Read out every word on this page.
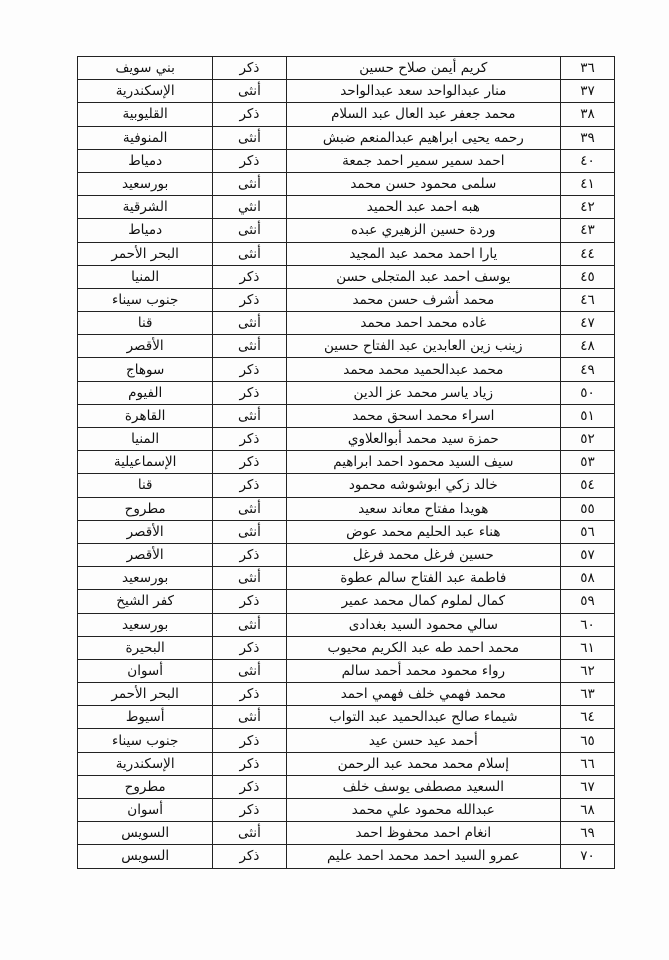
٣٦	كريم أيمن صلاح حسين	ذكر	بني سويف
٣٧	منار عبدالواحد سعد عبدالواحد	أنثى	الإسكندرية
٣٨	محمد جعفر عبد العال عبد السلام	ذكر	القليوبية
٣٩	رحمه يحيى ابراهيم عبدالمنعم ضبش	أنثى	المنوفية
٤٠	احمد سمير سمير احمد جمعة	ذكر	دمياط
٤١	سلمى محمود حسن محمد	أنثى	بورسعيد
٤٢	هبه احمد عبد الحميد	انثي	الشرقية
٤٣	وردة حسين الزهيري عبده	أنثى	دمياط
٤٤	يارا احمد محمد عبد المجيد	أنثى	البحر الأحمر
٤٥	يوسف احمد عبد المتجلى حسن	ذكر	المنيا
٤٦	محمد أشرف حسن محمد	ذكر	جنوب سيناء
٤٧	غاده محمد احمد محمد	أنثى	قنا
٤٨	زينب زين العابدين عبد الفتاح حسين	أنثى	الأقصر
٤٩	محمد عبدالحميد محمد محمد	ذكر	سوهاج
٥٠	زياد ياسر محمد عز الدين	ذكر	الفيوم
٥١	اسراء محمد اسحق محمد	أنثى	القاهرة
٥٢	حمزة سيد محمد أبوالعلاوي	ذكر	المنيا
٥٣	سيف السيد محمود احمد ابراهيم	ذكر	الإسماعيلية
٥٤	خالد زكي ابوشوشه محمود	ذكر	قنا
٥٥	هويدا مفتاح معاند سعيد	أنثى	مطروح
٥٦	هناء عبد الحليم محمد عوض	أنثى	الأقصر
٥٧	حسين فرغل محمد فرغل	ذكر	الأقصر
٥٨	فاطمة عبد الفتاح سالم عطوة	أنثى	بورسعيد
٥٩	كمال لملوم كمال محمد عمير	ذكر	كفر الشيخ
٦٠	سالي محمود السيد بغدادى	أنثى	بورسعيد
٦١	محمد احمد طه عبد الكريم محيوب	ذكر	البحيرة
٦٢	رواء محمود محمد أحمد سالم	أنثى	أسوان
٦٣	محمد فهمي خلف فهمي احمد	ذكر	البحر الأحمر
٦٤	شيماء صالح عبدالحميد عبد التواب	أنثى	أسيوط
٦٥	أحمد عيد حسن عيد	ذكر	جنوب سيناء
٦٦	إسلام محمد محمد عبد الرحمن	ذكر	الإسكندرية
٦٧	السعيد مصطفى يوسف خلف	ذكر	مطروح
٦٨	عبدالله محمود علي محمد	ذكر	أسوان
٦٩	انغام احمد محفوظ احمد	أنثى	السويس
٧٠	عمرو السيد احمد محمد احمد عليم	ذكر	السويس
